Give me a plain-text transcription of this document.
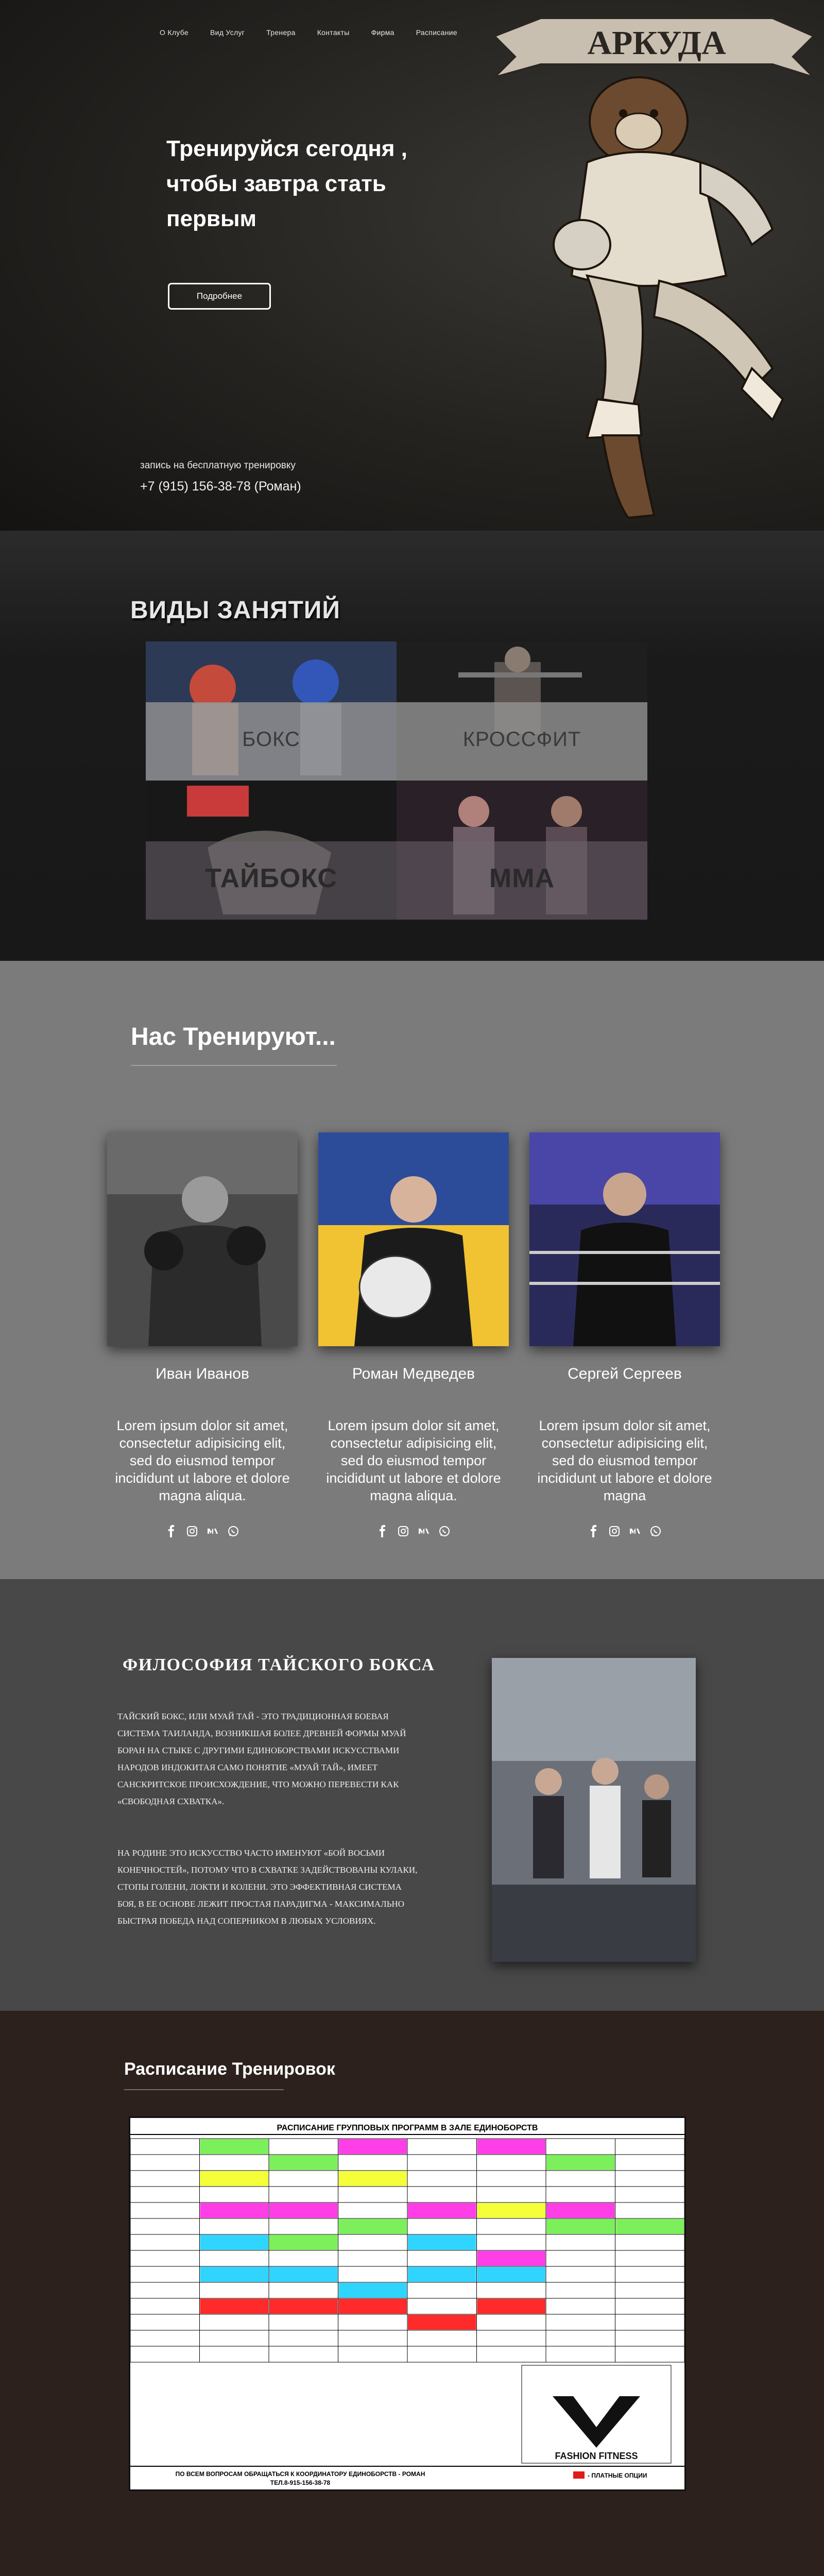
О Клубе	Вид Услуг	Тренера	Контакты	Фирма	Расписание
Тренируйся сегодня ,
чтобы завтра стать
первым
Подробнее
запись на бесплатную тренировку
+7 (915) 156-38-78 (Роман)
АРКУДА
ВИДЫ ЗАНЯТИЙ
БОКС	КРОССФИТ
ТАЙБОКС	ММА
Нас Тренируют...
Иван Иванов
Lorem ipsum dolor sit amet, consectetur adipisicing elit, sed do eiusmod tempor incididunt ut labore et dolore magna aliqua.
Роман Медведев
Lorem ipsum dolor sit amet, consectetur adipisicing elit, sed do eiusmod tempor incididunt ut labore et dolore magna aliqua.
Сергей Сергеев
Lorem ipsum dolor sit amet, consectetur adipisicing elit, sed do eiusmod tempor incididunt ut labore et dolore magna
ФИЛОСОФИЯ ТАЙСКОГО БОКСА

ТАЙСКИЙ БОКС, ИЛИ МУАЙ ТАЙ - ЭТО ТРАДИЦИОННАЯ БОЕВАЯ СИСТЕМА ТАИЛАНДА, ВОЗНИКШАЯ БОЛЕЕ ДРЕВНЕЙ ФОРМЫ МУАЙ БОРАН НА СТЫКЕ С ДРУГИМИ ЕДИНОБОРСТВАМИ ИСКУССТВАМИ НАРОДОВ ИНДОКИТАЯ САМО ПОНЯТИЕ «МУАЙ ТАЙ», ИМЕЕТ САНСКРИТСКОЕ ПРОИСХОЖДЕНИЕ, ЧТО МОЖНО ПЕРЕВЕСТИ КАК «СВОБОДНАЯ СХВАТКА».

НА РОДИНЕ ЭТО ИСКУССТВО ЧАСТО ИМЕНУЮТ «БОЙ ВОСЬМИ КОНЕЧНОСТЕЙ», ПОТОМУ ЧТО В СХВАТКЕ ЗАДЕЙСТВОВАНЫ КУЛАКИ, СТОПЫ ГОЛЕНИ, ЛОКТИ И КОЛЕНИ. ЭТО ЭФФЕКТИВНАЯ СИСТЕМА БОЯ, В ЕЕ ОСНОВЕ ЛЕЖИТ ПРОСТАЯ ПАРАДИГМА - МАКСИМАЛЬНО БЫСТРАЯ ПОБЕДА НАД СОПЕРНИКОМ В ЛЮБЫХ УСЛОВИЯХ.

Расписание Тренировок
РАСПИСАНИЕ ГРУППОВЫХ ПРОГРАММ В ЗАЛЕ ЕДИНОБОРСТВ
FASHION FITNESS
ПО ВСЕМ ВОПРОСАМ ОБРАЩАТЬСЯ К КООРДИНАТОРУ ЕДИНОБОРСТВ - РОМАН
ТЕЛ.8-915-156-38-78
- ПЛАТНЫЕ ОПЦИИ
